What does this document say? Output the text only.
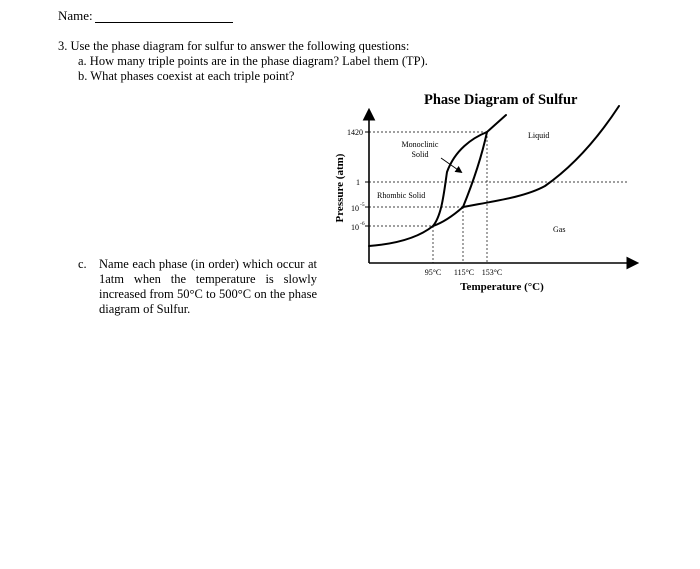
Name:
3. Use the phase diagram for sulfur to answer the following questions:
a. How many triple points are in the phase diagram? Label them (TP).
b. What phases coexist at each triple point?
c. Name each phase (in order) which occur at
1atm when the temperature is slowly
increased from 50°C to 500°C on the phase
diagram of Sulfur.
Phase Diagram of Sulfur
1420
1
10 -5
10 -6
Pressure (atm)
95°C 115°C 153°C
Temperature (°C)
Monoclinic
Solid
Rhombic Solid
Liquid
Gas
